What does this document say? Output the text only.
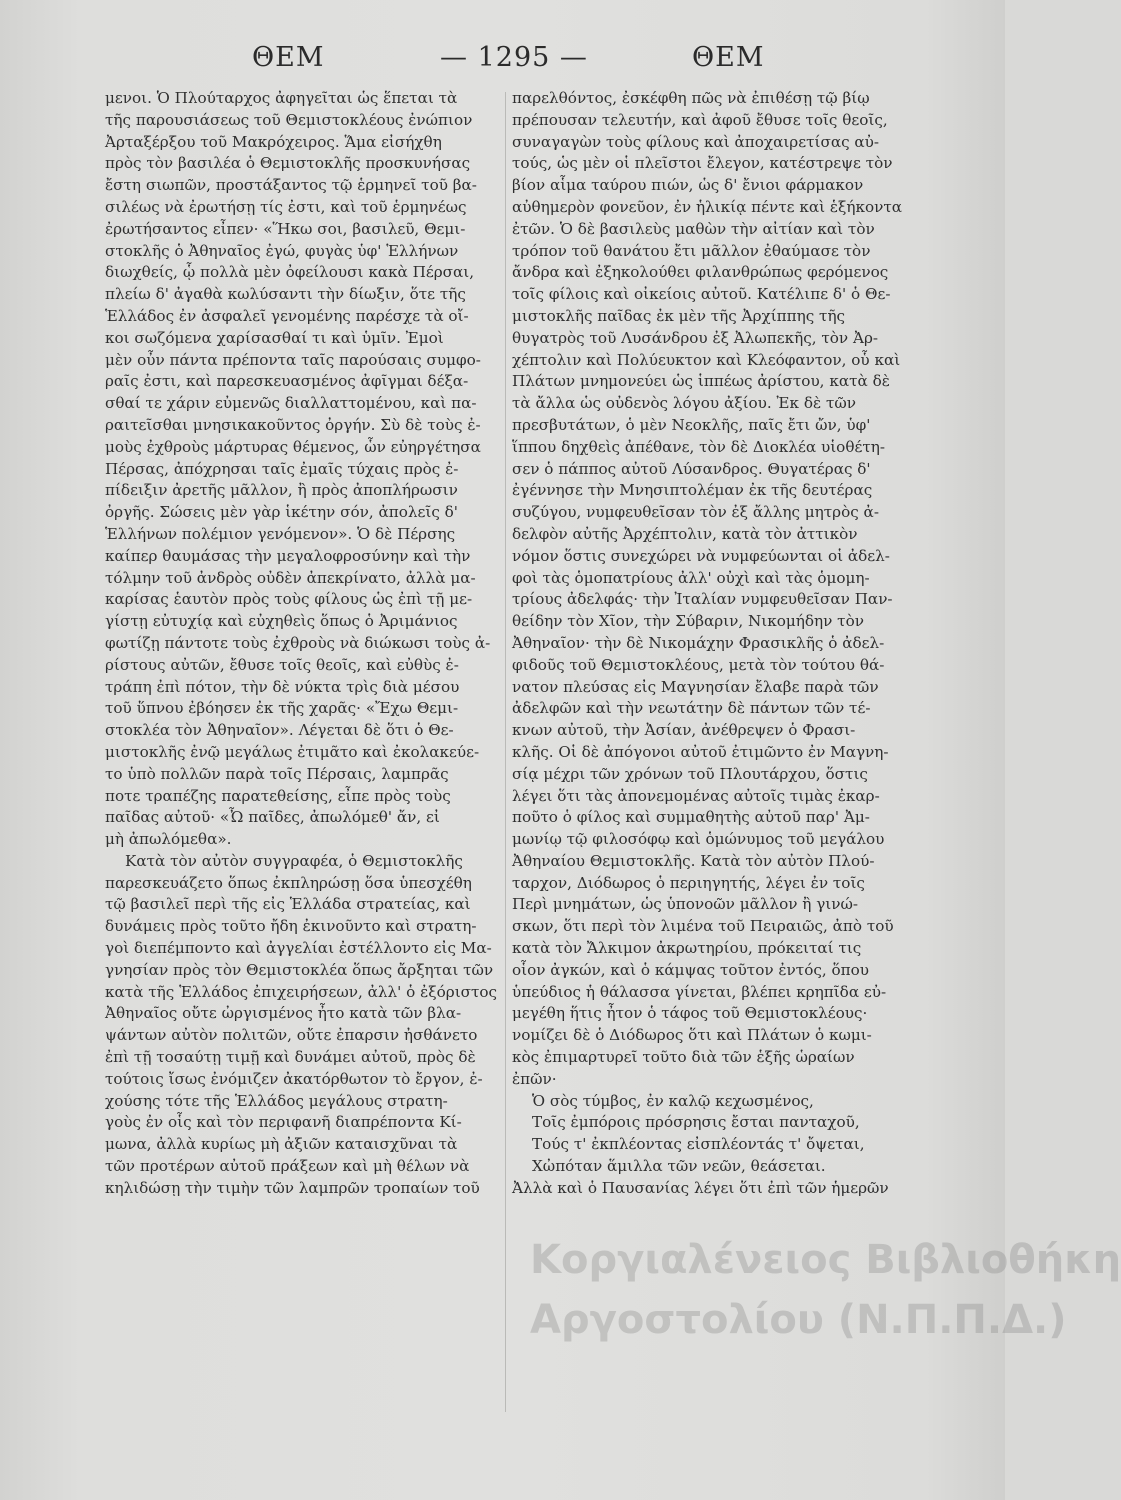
ΘΕΜ	— 1295 —	ΘΕΜ
μενοι. Ὁ Πλούταρχος ἀφηγεῖται ὡς ἕπεται τὰ
τῆς παρουσιάσεως τοῦ Θεμιστοκλέους ἐνώπιον
Ἀρταξέρξου τοῦ Μακρόχειρος. Ἅμα εἰσήχθη
πρὸς τὸν βασιλέα ὁ Θεμιστοκλῆς προσκυνήσας
ἔστη σιωπῶν, προστάξαντος τῷ ἑρμηνεῖ τοῦ βα-
σιλέως νὰ ἐρωτήσῃ τίς ἐστι, καὶ τοῦ ἑρμηνέως
ἐρωτήσαντος εἶπεν· «Ἥκω σοι, βασιλεῦ, Θεμι-
στοκλῆς ὁ Ἀθηναῖος ἐγώ, φυγὰς ὑφ' Ἑλλήνων
διωχθείς, ᾧ πολλὰ μὲν ὀφείλουσι κακὰ Πέρσαι,
πλείω δ' ἀγαθὰ κωλύσαντι τὴν δίωξιν, ὅτε τῆς
Ἑλλάδος ἐν ἀσφαλεῖ γενομένης παρέσχε τὰ οἴ-
κοι σωζόμενα χαρίσασθαί τι καὶ ὑμῖν. Ἐμοὶ
μὲν οὖν πάντα πρέποντα ταῖς παρούσαις συμφο-
ραῖς ἐστι, καὶ παρεσκευασμένος ἀφῖγμαι δέξα-
σθαί τε χάριν εὐμενῶς διαλλαττομένου, καὶ πα-
ραιτεῖσθαι μνησικακοῦντος ὀργήν. Σὺ δὲ τοὺς ἐ-
μοὺς ἐχθροὺς μάρτυρας θέμενος, ὧν εὐηργέτησα
Πέρσας, ἀπόχρησαι ταῖς ἐμαῖς τύχαις πρὸς ἐ-
πίδειξιν ἀρετῆς μᾶλλον, ἢ πρὸς ἀποπλήρωσιν
ὀργῆς. Σώσεις μὲν γὰρ ἱκέτην σόν, ἀπολεῖς δ'
Ἑλλήνων πολέμιον γενόμενον». Ὁ δὲ Πέρσης
καίπερ θαυμάσας τὴν μεγαλοφροσύνην καὶ τὴν
τόλμην τοῦ ἀνδρὸς οὐδὲν ἀπεκρίνατο, ἀλλὰ μα-
καρίσας ἑαυτὸν πρὸς τοὺς φίλους ὡς ἐπὶ τῇ με-
γίστῃ εὐτυχίᾳ καὶ εὐχηθεὶς ὅπως ὁ Ἀριμάνιος
φωτίζῃ πάντοτε τοὺς ἐχθροὺς νὰ διώκωσι τοὺς ἀ-
ρίστους αὐτῶν, ἔθυσε τοῖς θεοῖς, καὶ εὐθὺς ἐ-
τράπη ἐπὶ πότον, τὴν δὲ νύκτα τρὶς διὰ μέσου
τοῦ ὕπνου ἐβόησεν ἐκ τῆς χαρᾶς· «Ἔχω Θεμι-
στοκλέα τὸν Ἀθηναῖον». Λέγεται δὲ ὅτι ὁ Θε-
μιστοκλῆς ἐνῷ μεγάλως ἐτιμᾶτο καὶ ἐκολακεύε-
το ὑπὸ πολλῶν παρὰ τοῖς Πέρσαις, λαμπρᾶς
ποτε τραπέζης παρατεθείσης, εἶπε πρὸς τοὺς
παῖδας αὐτοῦ· «Ὦ παῖδες, ἀπωλόμεθ' ἄν, εἰ
μὴ ἀπωλόμεθα».
Κατὰ τὸν αὐτὸν συγγραφέα, ὁ Θεμιστοκλῆς
παρεσκευάζετο ὅπως ἐκπληρώσῃ ὅσα ὑπεσχέθη
τῷ βασιλεῖ περὶ τῆς εἰς Ἑλλάδα στρατείας, καὶ
δυνάμεις πρὸς τοῦτο ἤδη ἐκινοῦντο καὶ στρατη-
γοὶ διεπέμποντο καὶ ἀγγελίαι ἐστέλλοντο εἰς Μα-
γνησίαν πρὸς τὸν Θεμιστοκλέα ὅπως ἄρξηται τῶν
κατὰ τῆς Ἑλλάδος ἐπιχειρήσεων, ἀλλ' ὁ ἐξόριστος
Ἀθηναῖος οὔτε ὠργισμένος ἦτο κατὰ τῶν βλα-
ψάντων αὐτὸν πολιτῶν, οὔτε ἐπαρσιν ἠσθάνετο
ἐπὶ τῇ τοσαύτῃ τιμῇ καὶ δυνάμει αὐτοῦ, πρὸς δὲ
τούτοις ἴσως ἐνόμιζεν ἀκατόρθωτον τὸ ἔργον, ἐ-
χούσης τότε τῆς Ἑλλάδος μεγάλους στρατη-
γοὺς ἐν οἷς καὶ τὸν περιφανῆ διαπρέποντα Κί-
μωνα, ἀλλὰ κυρίως μὴ ἀξιῶν καταισχῦναι τὰ
τῶν προτέρων αὐτοῦ πράξεων καὶ μὴ θέλων νὰ
κηλιδώσῃ τὴν τιμὴν τῶν λαμπρῶν τροπαίων τοῦ
παρελθόντος, ἐσκέφθη πῶς νὰ ἐπιθέσῃ τῷ βίῳ
πρέπουσαν τελευτήν, καὶ ἀφοῦ ἔθυσε τοῖς θεοῖς,
συναγαγὼν τοὺς φίλους καὶ ἀποχαιρετίσας αὐ-
τούς, ὡς μὲν οἱ πλεῖστοι ἔλεγον, κατέστρεψε τὸν
βίον αἷμα ταύρου πιών, ὡς δ' ἔνιοι φάρμακον
αὐθημερὸν φονεῦον, ἐν ἡλικίᾳ πέντε καὶ ἑξήκοντα
ἐτῶν. Ὁ δὲ βασιλεὺς μαθὼν τὴν αἰτίαν καὶ τὸν
τρόπον τοῦ θανάτου ἔτι μᾶλλον ἐθαύμασε τὸν
ἄνδρα καὶ ἐξηκολούθει φιλανθρώπως φερόμενος
τοῖς φίλοις καὶ οἰκείοις αὐτοῦ. Κατέλιπε δ' ὁ Θε-
μιστοκλῆς παῖδας ἐκ μὲν τῆς Ἀρχίππης τῆς
θυγατρὸς τοῦ Λυσάνδρου ἐξ Ἀλωπεκῆς, τὸν Ἀρ-
χέπτολιν καὶ Πολύευκτον καὶ Κλεόφαντον, οὗ καὶ
Πλάτων μνημονεύει ὡς ἱππέως ἀρίστου, κατὰ δὲ
τὰ ἄλλα ὡς οὐδενὸς λόγου ἀξίου. Ἐκ δὲ τῶν
πρεσβυτάτων, ὁ μὲν Νεοκλῆς, παῖς ἔτι ὤν, ὑφ'
ἵππου δηχθεὶς ἀπέθανε, τὸν δὲ Διοκλέα υἱοθέτη-
σεν ὁ πάππος αὐτοῦ Λύσανδρος. Θυγατέρας δ'
ἐγέννησε τὴν Μνησιπτολέμαν ἐκ τῆς δευτέρας
συζύγου, νυμφευθεῖσαν τὸν ἐξ ἄλλης μητρὸς ἀ-
δελφὸν αὐτῆς Ἀρχέπτολιν, κατὰ τὸν ἀττικὸν
νόμον ὅστις συνεχώρει νὰ νυμφεύωνται οἱ ἀδελ-
φοὶ τὰς ὁμοπατρίους ἀλλ' οὐχὶ καὶ τὰς ὁμομη-
τρίους ἀδελφάς· τὴν Ἰταλίαν νυμφευθεῖσαν Παν-
θείδην τὸν Χῖον, τὴν Σύβαριν, Νικομήδην τὸν
Ἀθηναῖον· τὴν δὲ Νικομάχην Φρασικλῆς ὁ ἀδελ-
φιδοῦς τοῦ Θεμιστοκλέους, μετὰ τὸν τούτου θά-
νατον πλεύσας εἰς Μαγνησίαν ἔλαβε παρὰ τῶν
ἀδελφῶν καὶ τὴν νεωτάτην δὲ πάντων τῶν τέ-
κνων αὐτοῦ, τὴν Ἀσίαν, ἀνέθρεψεν ὁ Φρασι-
κλῆς. Οἱ δὲ ἀπόγονοι αὐτοῦ ἐτιμῶντο ἐν Μαγνη-
σίᾳ μέχρι τῶν χρόνων τοῦ Πλουτάρχου, ὅστις
λέγει ὅτι τὰς ἀπονεμομένας αὐτοῖς τιμὰς ἐκαρ-
ποῦτο ὁ φίλος καὶ συμμαθητὴς αὐτοῦ παρ' Ἀμ-
μωνίῳ τῷ φιλοσόφῳ καὶ ὁμώνυμος τοῦ μεγάλου
Ἀθηναίου Θεμιστοκλῆς. Κατὰ τὸν αὐτὸν Πλού-
ταρχον, Διόδωρος ὁ περιηγητής, λέγει ἐν τοῖς
Περὶ μνημάτων, ὡς ὑπονοῶν μᾶλλον ἢ γινώ-
σκων, ὅτι περὶ τὸν λιμένα τοῦ Πειραιῶς, ἀπὸ τοῦ
κατὰ τὸν Ἄλκιμον ἀκρωτηρίου, πρόκειταί τις
οἷον ἀγκών, καὶ ὁ κάμψας τοῦτον ἐντός, ὅπου
ὑπεύδιος ἡ θάλασσα γίνεται, βλέπει κρηπῖδα εὐ-
μεγέθη ἥτις ἦτον ὁ τάφος τοῦ Θεμιστοκλέους·
νομίζει δὲ ὁ Διόδωρος ὅτι καὶ Πλάτων ὁ κωμι-
κὸς ἐπιμαρτυρεῖ τοῦτο διὰ τῶν ἑξῆς ὡραίων
ἐπῶν·
Ὁ σὸς τύμβος, ἐν καλῷ κεχωσμένος,
Τοῖς ἐμπόροις πρόσρησις ἔσται πανταχοῦ,
Τούς τ' ἐκπλέοντας εἰσπλέοντάς τ' ὄψεται,
Χὠπόταν ἅμιλλα τῶν νεῶν, θεάσεται.
Ἀλλὰ καὶ ὁ Παυσανίας λέγει ὅτι ἐπὶ τῶν ἡμερῶν
Κοργιαλένειος Βιβλιοθήκη
Αργοστολίου (Ν.Π.Π.Δ.)
